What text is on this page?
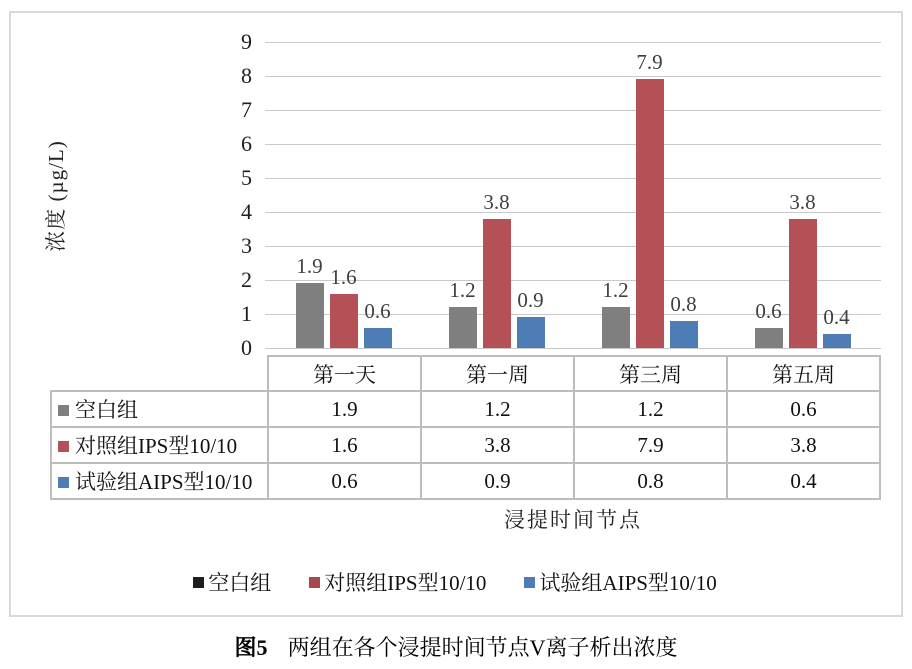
浓度 (µg/L)
0
1
2
3
4
5
6
7
8
9
1.9 1.6
0.6
1.2
3.8
0.9	1.2
7.9
0.8	0.6
3.8
0.4
	第一天	第一周	第三周	第五周
空白组	1.9	1.2	1.2	0.6
对照组IPS型10/10	1.6	3.8	7.9	3.8
试验组AIPS型10/10	0.6	0.9	0.8	0.4
浸提时间节点
空白组	对照组IPS型10/10	试验组AIPS型10/10
图5 两组在各个浸提时间节点V离子析出浓度
